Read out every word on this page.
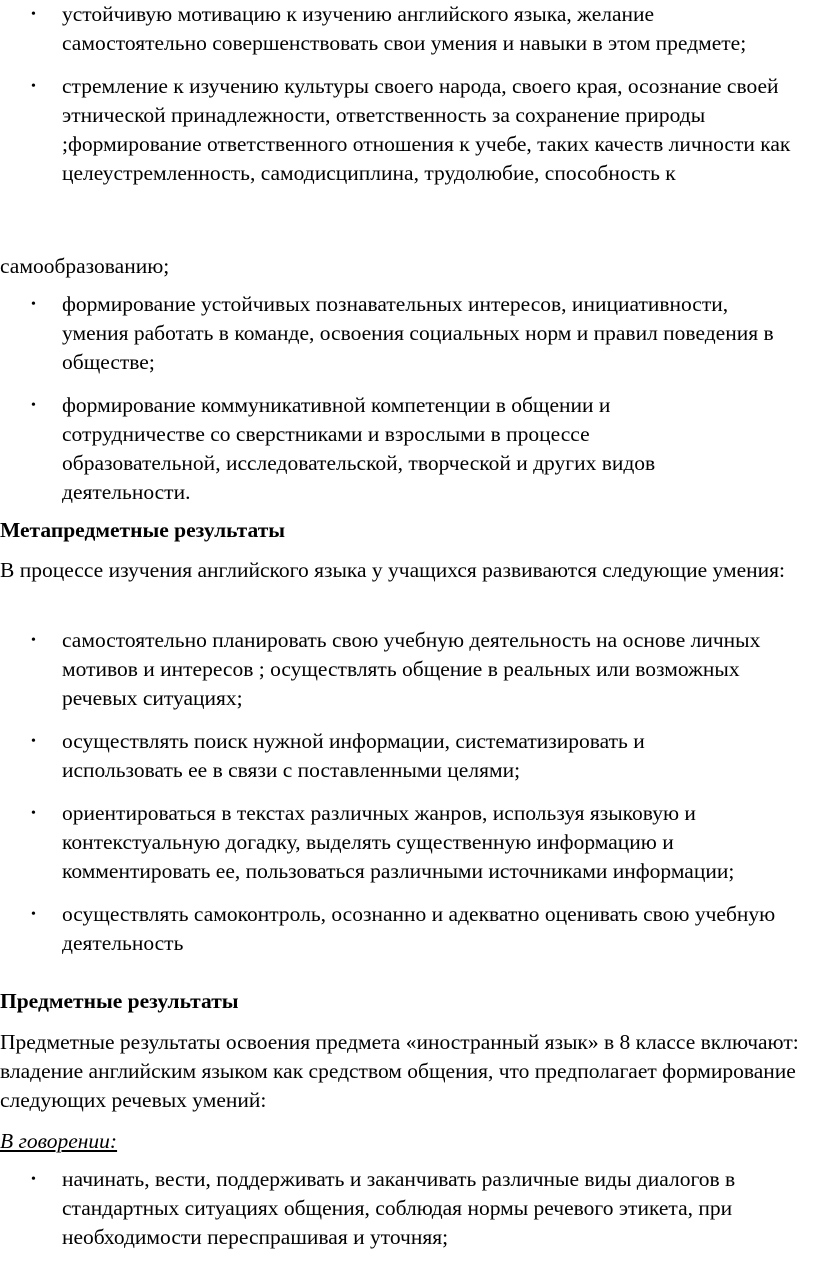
• устойчивую мотивацию к изучению английского языка, желание самостоятельно совершенствовать свои умения и навыки в этом предмете;
• стремление к изучению культуры своего народа, своего края, осознание своей этнической принадлежности, ответственность за сохранение природы ;формирование ответственного отношения к учебе, таких качеств личности как целеустремленность, самодисциплина, трудолюбие, способность к

самообразованию;

• формирование устойчивых познавательных интересов, инициативности, умения работать в команде, освоения социальных норм и правил поведения в обществе;
• формирование коммуникативной компетенции в общении и сотрудничестве со сверстниками и взрослыми в процессе образовательной, исследовательской, творческой и других видов деятельности.

Метапредметные результаты

В процессе изучения английского языка у учащихся развиваются следующие умения:

• самостоятельно планировать свою учебную деятельность на основе личных мотивов и интересов ; осуществлять общение в реальных или возможных речевых ситуациях;
• осуществлять поиск нужной информации, систематизировать и использовать ее в связи с поставленными целями;
• ориентироваться в текстах различных жанров, используя языковую и контекстуальную догадку, выделять существенную информацию и комментировать ее, пользоваться различными источниками информации;
• осуществлять самоконтроль, осознанно и адекватно оценивать свою учебную деятельность

Предметные результаты

Предметные результаты освоения предмета «иностранный язык» в 8 классе включают: владение английским языком как средством общения, что предполагает формирование следующих речевых умений:

В говорении:

• начинать, вести, поддерживать и заканчивать различные виды диалогов в стандартных ситуациях общения, соблюдая нормы речевого этикета, при необходимости переспрашивая и уточняя;
